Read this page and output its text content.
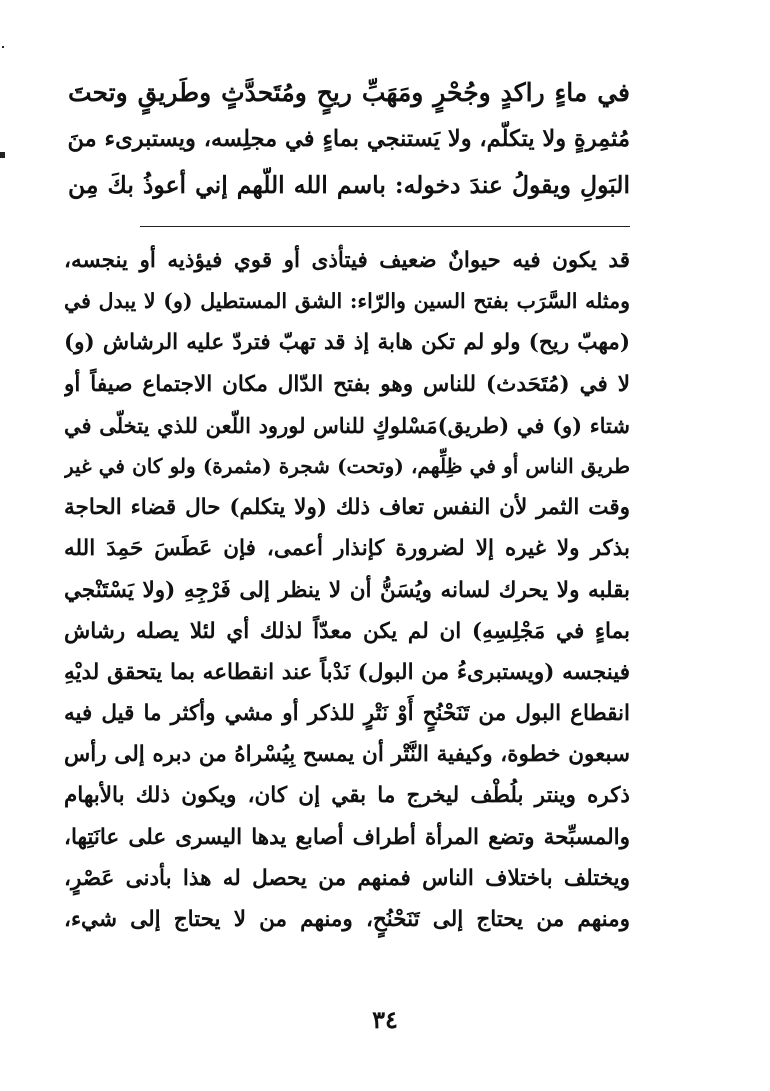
في ماءٍ راكدٍ وجُحْرٍ ومَهَبِّ ريحٍ ومُتَحدَّثٍ وطَريقٍ وتحتَ
مُثمِرةٍ ولا يتكلّم، ولا يَستنجي بماءٍ في مجلِسه، ويستبرىء منَ
البَولِ ويقولُ عندَ دخوله: باسم الله اللّهم إني أعوذُ بكَ مِن
قد يكون فيه حيوانٌ ضعيف فيتأذى أو قوي فيؤذيه أو ينجسه،
ومثله السَّرَب بفتح السين والرّاء: الشق المستطيل (و) لا يبدل في
(مهبّ ريح) ولو لم تكن هابة إذ قد تهبّ فتردّ عليه الرشاش (و)
لا في (مُتَحَدث) للناس وهو بفتح الدّال مكان الاجتماع صيفاً أو
شتاء (و) في (طريق)مَسْلوكٍ للناس لورود اللّعن للذي يتخلّى في
طريق الناس أو في ظِلِّهم، (وتحت) شجرة (مثمرة) ولو كان في غير
وقت الثمر لأن النفس تعاف ذلك (ولا يتكلم) حال قضاء الحاجة
بذكر ولا غيره إلا لضرورة كإنذار أعمى، فإن عَطَسَ حَمِدَ الله
بقلبه ولا يحرك لسانه ويُسَنُّ أن لا ينظر إلى فَرْجِهِ (ولا يَسْتَنْجي
بماءٍ في مَجْلِسِهِ) ان لم يكن معدّاً لذلك أي لئلا يصله رشاش
فينجسه (ويستبرىءُ من البول) نَدْباً عند انقطاعه بما يتحقق لديْهِ
انقطاع البول من تَنَحْنُحٍ أَوْ نَتْرٍ للذكر أو مشي وأكثر ما قيل فيه
سبعون خطوة، وكيفية النَّتْر أن يمسح بِيُسْراهُ من دبره إلى رأس
ذكره وينتر بلُطْف ليخرج ما بقي إن كان، ويكون ذلك بالأبهام
والمسبِّحة وتضع المرأة أطراف أصابع يدها اليسرى على عانَتِها،
ويختلف باختلاف الناس فمنهم من يحصل له هذا بأدنى عَصْرٍ،
ومنهم من يحتاج إلى تَنَحْنُحٍ، ومنهم من لا يحتاج إلى شيء،
٣٤
